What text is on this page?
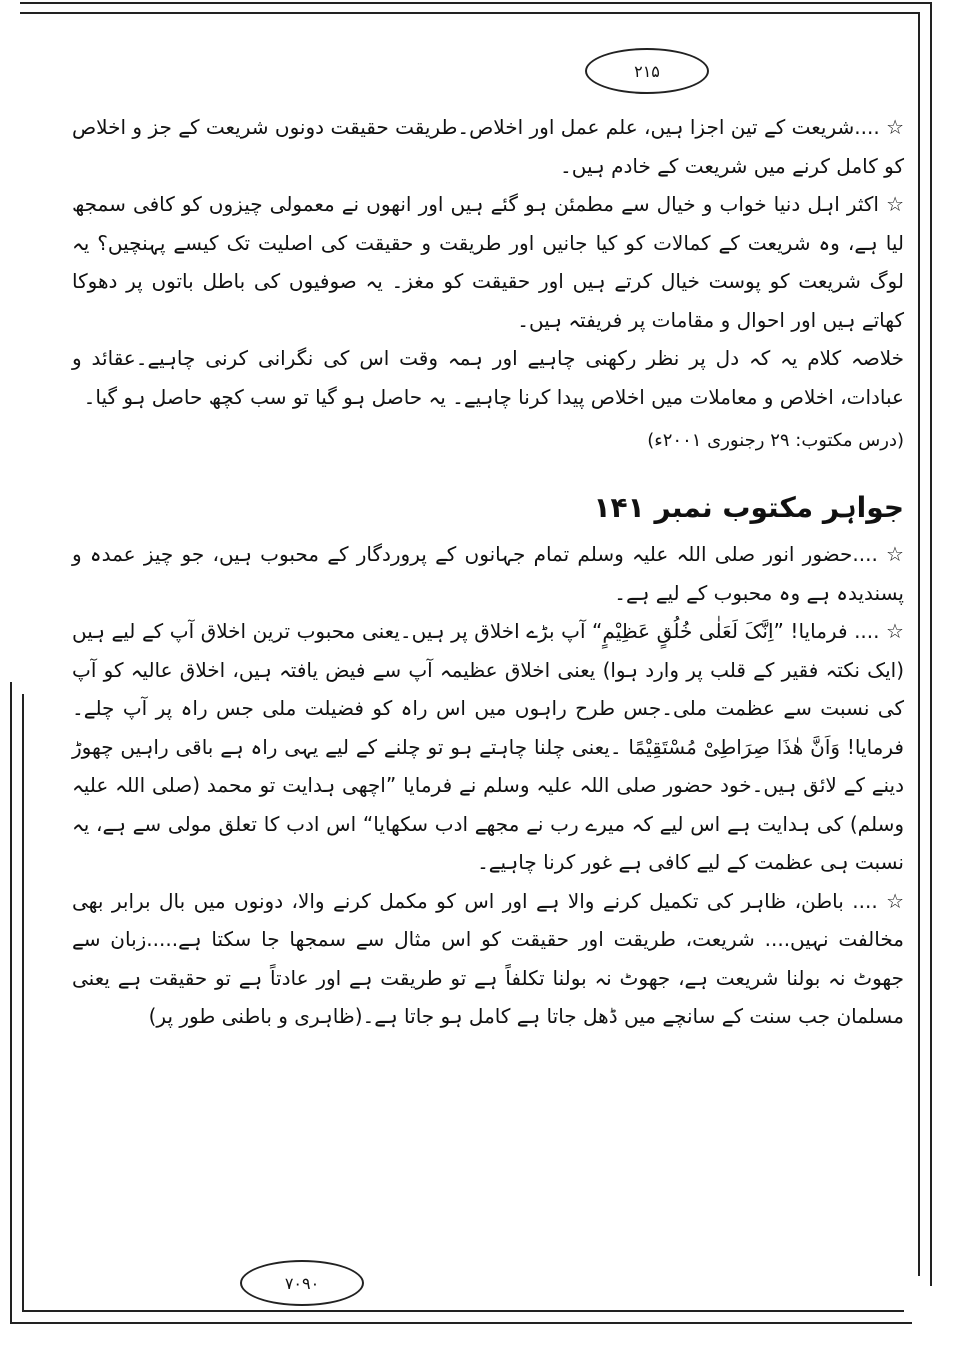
۲۱۵

☆ ....شریعت کے تین اجزا ہیں، علم عمل اور اخلاص۔طریقت حقیقت دونوں شریعت کے جز و اخلاص کو کامل کرنے میں شریعت کے خادم ہیں۔

☆ اکثر اہل دنیا خواب و خیال سے مطمئن ہو گئے ہیں اور انھوں نے معمولی چیزوں کو کافی سمجھ لیا ہے، وہ شریعت کے کمالات کو کیا جانیں اور طریقت و حقیقت کی اصلیت تک کیسے پہنچیں؟ یہ لوگ شریعت کو پوست خیال کرتے ہیں اور حقیقت کو مغز۔ یہ صوفیوں کی باطل باتوں پر دھوکا کھاتے ہیں اور احوال و مقامات پر فریفتہ ہیں۔

خلاصہ کلام یہ کہ دل پر نظر رکھنی چاہیے اور ہمہ وقت اس کی نگرانی کرنی چاہیے۔عقائد و عبادات، اخلاص و معاملات میں اخلاص پیدا کرنا چاہیے۔ یہ حاصل ہو گیا تو سب کچھ حاصل ہو گیا۔

(درس مکتوب: ۲۹ رجنوری ۲۰۰۱ء)
جواہر مکتوب نمبر ۱۴۱

☆ ....حضور انور صلی اللہ علیہ وسلم تمام جہانوں کے پروردگار کے محبوب ہیں، جو چیز عمدہ و پسندیدہ ہے وہ محبوب کے لیے ہے۔

☆ .... فرمایا! ”اِنَّکَ لَعَلٰی خُلُقٍ عَظِیْمٍ“ آپ بڑے اخلاق پر ہیں۔یعنی محبوب ترین اخلاق آپ کے لیے ہیں (ایک نکتہ فقیر کے قلب پر وارد ہوا) یعنی اخلاق عظیمہ آپ سے فیض یافتہ ہیں، اخلاق عالیہ کو آپ کی نسبت سے عظمت ملی۔جس طرح راہوں میں اس راہ کو فضیلت ملی جس راہ پر آپ چلے۔ فرمایا! وَاَنَّ هٰذَا صِرَاطِیْ مُسْتَقِیْمًا ۔یعنی چلنا چاہتے ہو تو چلنے کے لیے یہی راہ ہے باقی راہیں چھوڑ دینے کے لائق ہیں۔خود حضور صلی اللہ علیہ وسلم نے فرمایا ”اچھی ہدایت تو محمد (صلی اللہ علیہ وسلم) کی ہدایت ہے اس لیے کہ میرے رب نے مجھے ادب سکھایا“ اس ادب کا تعلق مولی سے ہے، یہ نسبت ہی عظمت کے لیے کافی ہے غور کرنا چاہیے۔

☆ .... باطن، ظاہر کی تکمیل کرنے والا ہے اور اس کو مکمل کرنے والا، دونوں میں بال برابر بھی مخالفت نہیں.... شریعت، طریقت اور حقیقت کو اس مثال سے سمجھا جا سکتا ہے.....زبان سے جھوٹ نہ بولنا شریعت ہے، جھوٹ نہ بولنا تکلفاً ہے تو طریقت ہے اور عادتاً ہے تو حقیقت ہے یعنی مسلمان جب سنت کے سانچے میں ڈھل جاتا ہے کامل ہو جاتا ہے۔(ظاہری و باطنی طور پر)

۷۰۹۰
